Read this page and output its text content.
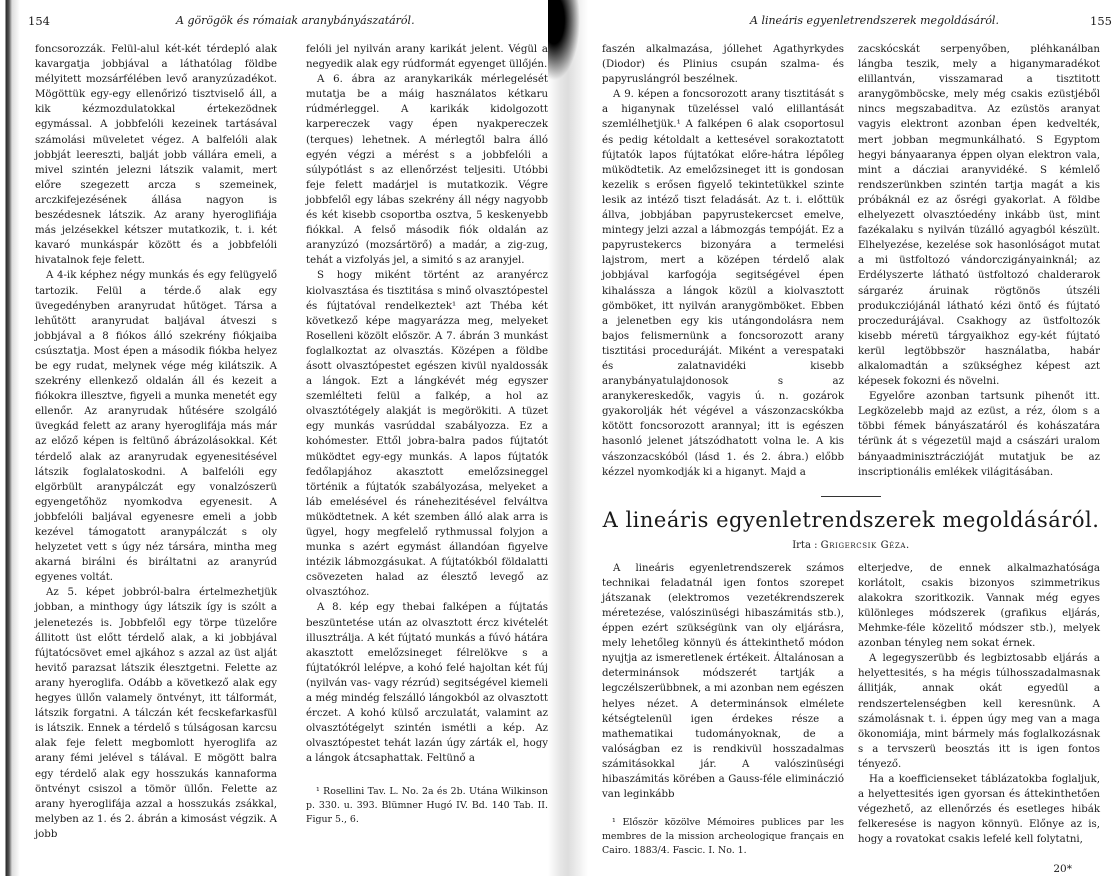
154	A görögök és rómaiak aranybányászatáról.

foncsorozzák. Felül-alul két-két térdepló alak kavargatja jobbjával a láthatólag földbe mélyitett mozsárfélében levő aranyzúzadékot. Mögöttük egy-egy ellenőrizó tisztviselő áll, a kik kézmozdulatokkal értekezödnek egymással. A jobbfelóli kezeinek tartásával számolási müveletet végez. A balfelóli alak jobbját leereszti, balját jobb vállára emeli, a mivel szintén jelezni látszik valamit, mert előre szegezett arcza s szemeinek, arczkifejezésének állása nagyon is beszédesnek látszik. Az arany hyeroglifiája más jelzésekkel kétszer mutatkozik, t. i. két kavaró munkáspár között és a jobbfelóli hivatalnok feje felett.

A 4-ik képhez négy munkás és egy felügyelő tartozik. Felül a térde.ő alak egy üvegedényben aranyrudat hűtöget. Társa a lehűtött aranyrudat baljával átveszi s jobbjával a 8 fiókos álló szekrény fiókjaiba csúsztatja. Most épen a második fiókba helyez be egy rudat, melynek vége még kilátszik. A szekrény ellenkező oldalán áll és kezeit a fiókokra illesztve, figyeli a munka menetét egy ellenőr. Az aranyrudak hűtésére szolgáló üvegkád felett az arany hyeroglifája más már az előző képen is feltünő ábrázolásokkal. Két térdelő alak az aranyrudak egyenesitésével látszik foglalatoskodni. A balfelóli egy elgörbült aranypálczát egy vonalzószerü egyengetőhöz nyomkodva egyenesit. A jobbfelóli baljával egyenesre emeli a jobb kezével támogatott aranypálczát s oly helyzetet vett s úgy néz társára, mintha meg akarná birálni és biráltatni az aranyrúd egyenes voltát.

Az 5. képet jobbról-balra értelmezhetjük jobban, a minthogy úgy látszik így is szólt a jelenetezés is. Jobbfelől egy törpe tüzelőre állitott üst előtt térdelő alak, a ki jobbjával fújtatócsövet emel ajkához s azzal az üst alját hevitő parazsat látszik élesztgetni. Felette az arany hyeroglifa. Odább a következő alak egy hegyes üllőn valamely öntvényt, itt tálformát, látszik forgatni. A tálczán két fecskefarkasfül is látszik. Ennek a térdelő s túlságosan karcsu alak feje felett megbomlott hyeroglifa az arany fémi jelével s tálával. E mögött balra egy térdelő alak egy hosszukás kannaforma öntvényt csiszol a tömör üllőn. Felette az arany hyeroglifája azzal a hosszukás zsákkal, melyben az 1. és 2. ábrán a kimosást végzik. A jobb

felóli jel nyilván arany karikát jelent. Végül a negyedik alak egy rúdformát egyenget üllőjén.

A 6. ábra az aranykarikák mérlegelését mutatja be a máig használatos kétkaru rúdmérleggel. A karikák kidolgozott karpereczek vagy épen nyakpereczek (terques) lehetnek. A mérlegtől balra álló egyén végzi a mérést s a jobbfelóli a súlypótlást s az ellenőrzést teljesiti. Utóbbi feje felett madárjel is mutatkozik. Végre jobbfelől egy lábas szekrény áll négy nagyobb és két kisebb csoportba osztva, 5 keskenyebb fiókkal. A felső második fiók oldalán az aranyzúzó (mozsártörő) a madár, a zig-zug, tehát a vizfolyás jel, a simitó s az aranyjel.

S hogy miként történt az aranyércz kiolvasztása és tisztitása s minő olvasztópestel és fújtatóval rendelkeztek¹ azt Théba két következő képe magyarázza meg, melyeket Roselleni közölt először. A 7. ábrán 3 munkást foglalkoztat az olvasztás. Középen a földbe ásott olvasztópestet egészen kivül nyaldossák a lángok. Ezt a lángkévét még egyszer szemlélteti felül a falkép, a hol az olvasztótégely alakját is megörökiti. A tüzet egy munkás vasrúddal szabályozza. Ez a kohómester. Ettől jobra-balra pados fújtatót müködtet egy-egy munkás. A lapos fújtatók fedőlapjához akasztott emelőzsineggel történik a fújtatók szabályozása, melyeket a láb emelésével és ránehezitésével felváltva müködtetnek. A két szemben álló alak arra is ügyel, hogy megfelelő rythmussal folyjon a munka s azért egymást állandóan figyelve intézik lábmozgásukat. A fújtatókból földalatti csövezeten halad az élesztő levegő az olvasztóhoz.

A 8. kép egy thebai falképen a fújtatás beszüntetése után az olvasztott ércz kivételét illusztrálja. A két fújtató munkás a fúvó hátára akasztott emelőzsineget félrelökve s a fújtatókról lelépve, a kohó felé hajoltan két fúj (nyilván vas- vagy rézrúd) segitségével kiemeli a még mindég felszálló lángokból az olvasztott érczet. A kohó külső arczulatát, valamint az olvasztótégelyt szintén ismétli a kép. Az olvasztópestet tehát lazán úgy zárták el, hogy a lángok átcsaphattak. Feltünő a

¹ Rosellini Tav. L. No. 2a és 2b. Utána Wilkinson p. 330. u. 393. Blümner Hugó IV. Bd. 140 Tab. II. Figur 5., 6.

A lineáris egyenletrendszerek megoldásáról.	155

faszén alkalmazása, jóllehet Agathyrkydes (Diodor) és Plinius csupán szalma- és papyruslángról beszélnek.

A 9. képen a foncsorozott arany tisztitását s a higanynak tüzeléssel való elillantását szemlélhetjük.¹ A falképen 6 alak csoportosul és pedig kétoldalt a kettesével sorakoztatott fújtatók lapos fújtatókat előre-hátra lépőleg müködtetik. Az emelőzsineget itt is gondosan kezelik s erősen figyelő tekintetükkel szinte lesik az intéző tiszt feladását. Az t. i. előttük állva, jobbjában papyrustekercset emelve, mintegy jelzi azzal a lábmozgás tempóját. Ez a papyrustekercs bizonyára a termelési lajstrom, mert a középen térdelő alak jobbjával karfogója segitségével épen kihalássza a lángok közül a kiolvasztott gömböket, itt nyilván aranygömböket. Ebben a jelenetben egy kis utángondolásra nem bajos felismernünk a foncsorozott arany tisztitási proceduráját. Miként a verespataki és zalatnavidéki kisebb aranybányatulajdonosok s az aranykereskedők, vagyis ú. n. gozárok gyakorolják hét végével a vászonzacskókba kötött foncsorozott arannyal; itt is egészen hasonló jelenet játszódhatott volna le. A kis vászonzacskóból (lásd 1. és 2. ábra.) előbb kézzel nyomkodják ki a higanyt. Majd a

zacskócskát serpenyőben, pléhkanálban lángba teszik, mely a higanymaradékot elillantván, visszamarad a tisztitott aranygömböcske, mely még csakis ezüstjéből nincs megszabaditva. Az ezüstös aranyat vagyis elektront azonban épen kedvelték, mert jobban megmunkálható. S Egyptom hegyi bányaaranya éppen olyan elektron vala, mint a dácziai aranyvidéké. S kémlelő rendszerünkben szintén tartja magát a kis próbáknál ez az ősrégi gyakorlat. A földbe elhelyezett olvasztóedény inkább üst, mint fazékalaku s nyilván tüzálló agyagból készült. Elhelyezése, kezelése sok hasonlóságot mutat a mi üstfoltozó vándorczigányainknál; az Erdélyszerte látható üstfoltozó chalderarok sárgaréz áruinak rögtönös útszéli produkcziójánál látható kézi öntő és fújtató proczedurájával. Csakhogy az üstfoltozók kisebb méretü tárgyaikhoz egy-két fújtató kerül legtöbbször használatba, habár alkalomadtán a szükséghez képest azt képesek fokozni és növelni.

Egyelőre azonban tartsunk pihenőt itt. Legközelebb majd az ezüst, a réz, ólom s a többi fémek bányászatáról és kohászatára térünk át s végezetül majd a császári uralom bányaadminisztráczióját mutatjuk be az inscriptionális emlékek világitásában.

A lineáris egyenletrendszerek megoldásáról.
Irta : Grigercsik Géza.

A lineáris egyenletrendszerek számos technikai feladatnál igen fontos szorepet játszanak (elektromos vezetékrendszerek méretezése, valószinüségi hibaszámitás stb.), éppen ezért szükségünk van oly eljárásra, mely lehetőleg könnyü és áttekinthető módon nyujtja az ismeretlenek értékeit. Általánosan a determinánsok módszerét tartják a legczélszerübbnek, a mi azonban nem egészen helyes nézet. A determinánsok elmélete kétségtelenül igen érdekes része a mathematikai tudományoknak, de a valóságban ez is rendkivül hosszadalmas számitásokkal jár. A valószinüségi hibaszámitás körében a Gauss-féle elimináczió van leginkább

¹ Először közölve Mémoires publices par les membres de la mission archeologique français en Cairo. 1883/4. Fascic. I. No. 1.

elterjedve, de ennek alkalmazhatósága korlátolt, csakis bizonyos szimmetrikus alakokra szoritkozik. Vannak még egyes különleges módszerek (grafikus eljárás, Mehmke-féle közelitő módszer stb.), melyek azonban tényleg nem sokat érnek.

A legegyszerübb és legbiztosabb eljárás a helyettesités, s ha mégis túlhosszadalmasnak állitják, annak okát egyedül a rendszertelenségben kell keresnünk. A számolásnak t. i. éppen úgy meg van a maga ökonomiája, mint bármely más foglalkozásnak s a tervszerü beosztás itt is igen fontos tényező.

Ha a koefficienseket táblázatokba foglaljuk, a helyettesités igen gyorsan és áttekinthetően végezhető, az ellenőrzés és esetleges hibák felkeresése is nagyon könnyü. Előnye az is, hogy a rovatokat csakis lefelé kell folytatni,

20*
